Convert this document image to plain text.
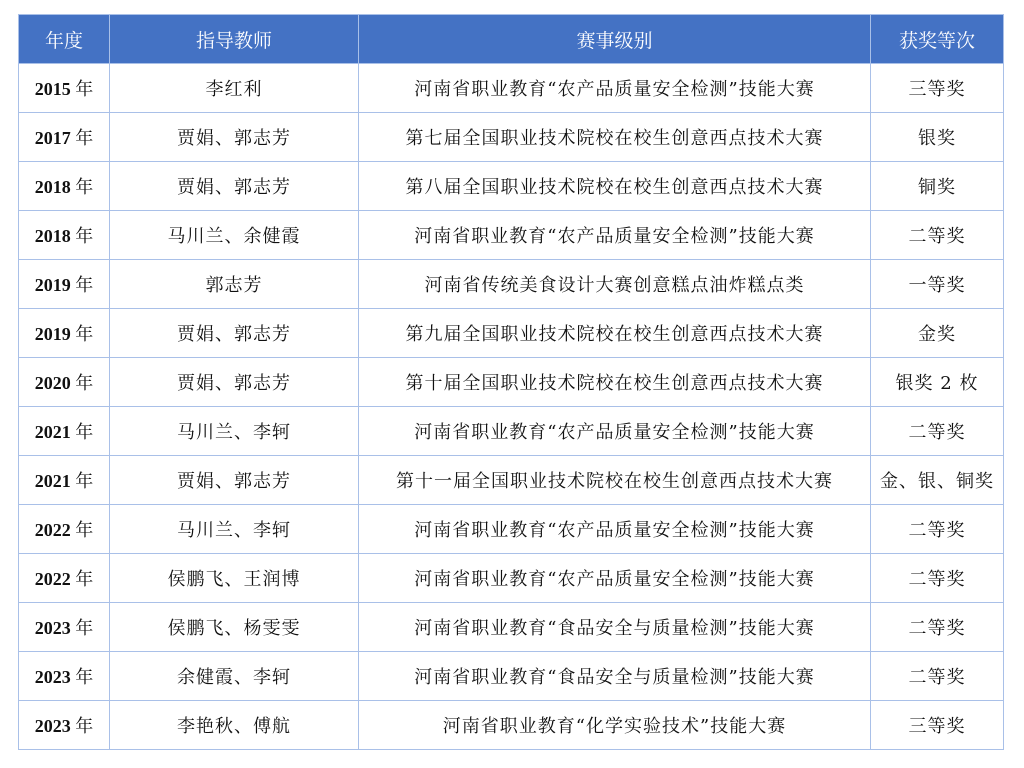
年度	指导教师	赛事级别	获奖等次
2015 年	李红利	河南省职业教育“农产品质量安全检测”技能大赛	三等奖
2017 年	贾娟、郭志芳	第七届全国职业技术院校在校生创意西点技术大赛	银奖
2018 年	贾娟、郭志芳	第八届全国职业技术院校在校生创意西点技术大赛	铜奖
2018 年	马川兰、余健霞	河南省职业教育“农产品质量安全检测”技能大赛	二等奖
2019 年	郭志芳	河南省传统美食设计大赛创意糕点油炸糕点类	一等奖
2019 年	贾娟、郭志芳	第九届全国职业技术院校在校生创意西点技术大赛	金奖
2020 年	贾娟、郭志芳	第十届全国职业技术院校在校生创意西点技术大赛	银奖 2 枚
2021 年	马川兰、李轲	河南省职业教育“农产品质量安全检测”技能大赛	二等奖
2021 年	贾娟、郭志芳	第十一届全国职业技术院校在校生创意西点技术大赛	金、银、铜奖
2022 年	马川兰、李轲	河南省职业教育“农产品质量安全检测”技能大赛	二等奖
2022 年	侯鹏飞、王润博	河南省职业教育“农产品质量安全检测”技能大赛	二等奖
2023 年	侯鹏飞、杨雯雯	河南省职业教育“食品安全与质量检测”技能大赛	二等奖
2023 年	余健霞、李轲	河南省职业教育“食品安全与质量检测”技能大赛	二等奖
2023 年	李艳秋、傅航	河南省职业教育“化学实验技术”技能大赛	三等奖
